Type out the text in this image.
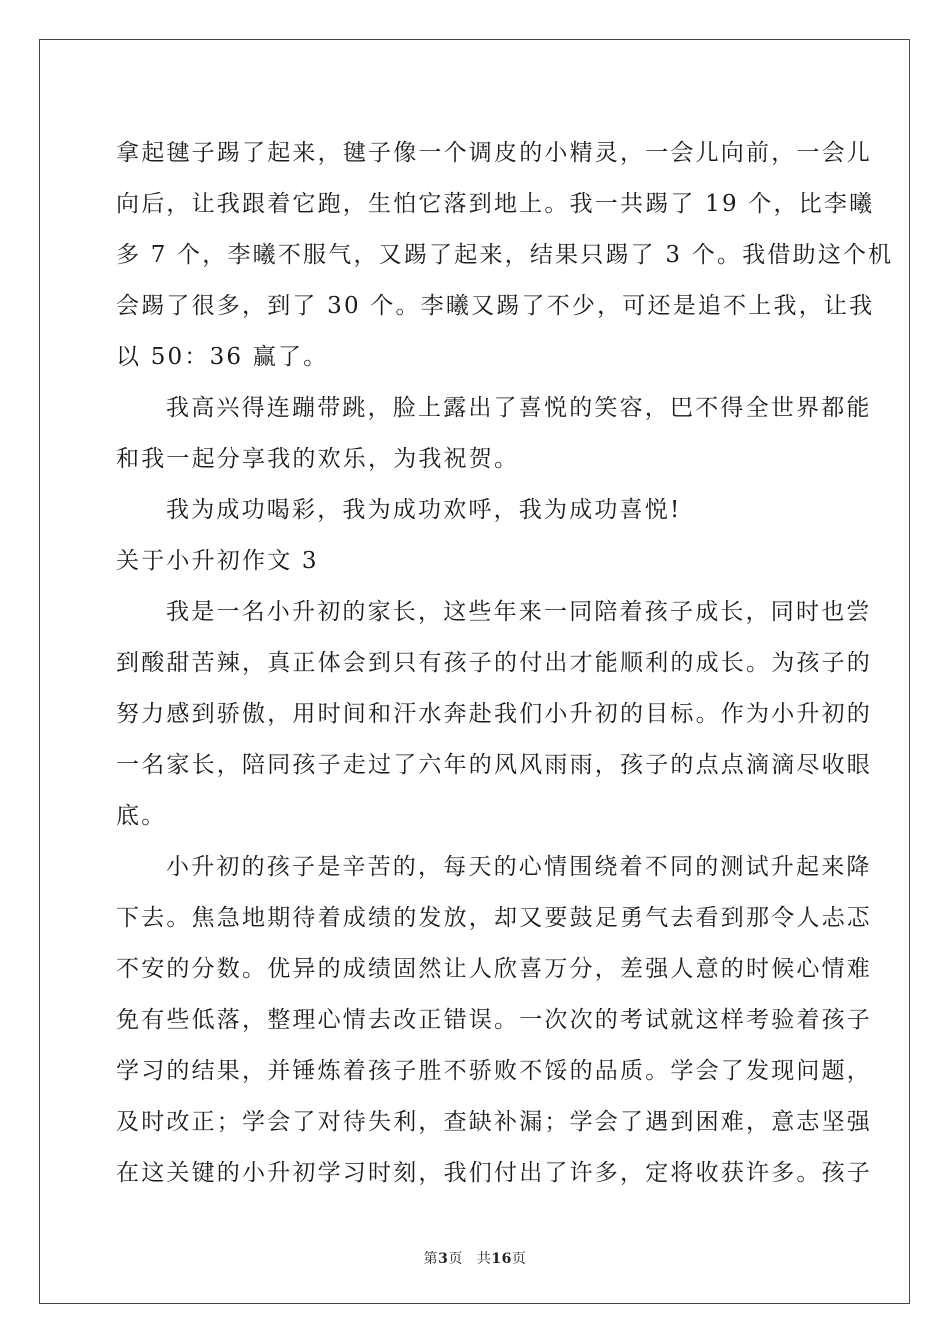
拿起毽子踢了起来，毽子像一个调皮的小精灵，一会儿向前，一会儿
向后，让我跟着它跑，生怕它落到地上。我一共踢了 19 个，比李曦
多 7 个，李曦不服气，又踢了起来，结果只踢了 3 个。我借助这个机
会踢了很多，到了 30 个。李曦又踢了不少，可还是追不上我，让我
以 50：36 赢了。
我高兴得连蹦带跳，脸上露出了喜悦的笑容，巴不得全世界都能
和我一起分享我的欢乐，为我祝贺。
我为成功喝彩，我为成功欢呼，我为成功喜悦!
关于小升初作文 3
我是一名小升初的家长，这些年来一同陪着孩子成长，同时也尝
到酸甜苦辣，真正体会到只有孩子的付出才能顺利的成长。为孩子的
努力感到骄傲，用时间和汗水奔赴我们小升初的目标。作为小升初的
一名家长，陪同孩子走过了六年的风风雨雨，孩子的点点滴滴尽收眼
底。
小升初的孩子是辛苦的，每天的心情围绕着不同的测试升起来降
下去。焦急地期待着成绩的发放，却又要鼓足勇气去看到那令人忐忑
不安的分数。优异的成绩固然让人欣喜万分，差强人意的时候心情难
免有些低落，整理心情去改正错误。一次次的考试就这样考验着孩子
学习的结果，并锤炼着孩子胜不骄败不馁的品质。学会了发现问题，
及时改正；学会了对待失利，查缺补漏；学会了遇到困难，意志坚强
在这关键的小升初学习时刻，我们付出了许多，定将收获许多。孩子
第3页 共16页
